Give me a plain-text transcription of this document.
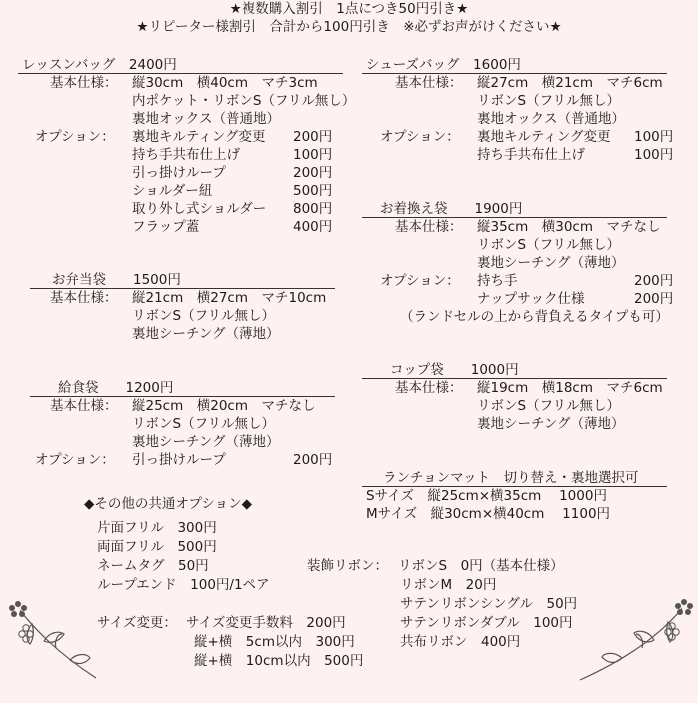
★複数購入割引　1点につき50円引き★
★リピーター様割引　合計から100円引き　※必ずお声がけください★
レッスンバッグ　2400円
基本仕様： 縦30cm　横40cm　マチ3cm
内ポケット・リボンS（フリル無し）
裏地オックス（普通地）
オプション： 裏地キルティング変更 200円
持ち手共布仕上げ	100円
引っ掛けループ	200円
ショルダー紐	500円
取り外し式ショルダー 800円
フラップ蓋	400円
お弁当袋　　1500円
基本仕様： 縦21cm　横27cm　マチ10cm
リボンS（フリル無し）
裏地シーチング（薄地）
給食袋　　1200円
基本仕様： 縦25cm　横20cm　マチなし
リボンS（フリル無し）
裏地シーチング（薄地）
オプション： 引っ掛けループ	200円
シューズバッグ　1600円
基本仕様： 縦27cm　横21cm　マチ6cm
リボンS（フリル無し）
裏地オックス（普通地）
オプション： 裏地キルティング変更 100円
持ち手共布仕上げ	100円
お着換え袋　　1900円
基本仕様： 縦35cm　横30cm　マチなし
リボンS（フリル無し）
裏地シーチング（薄地）
オプション： 持ち手	200円
ナップサック仕様	200円
（ランドセルの上から背負えるタイプも可）
コップ袋　　1000円
基本仕様： 縦19cm　横18cm　マチ6cm
リボンS（フリル無し）
裏地シーチング（薄地）
ランチョンマット　切り替え・裏地選択可
Sサイズ　縦25cm×横35cm　 1000円
Mサイズ　縦30cm×横40cm　 1100円
◆その他の共通オプション◆
片面フリル　300円
両面フリル　500円
ネームタグ　50円
ループエンド　100円/1ペア
サイズ変更： サイズ変更手数料　200円
縦+横　5cm以内　300円
縦+横　10cm以内　500円
装飾リボン： リボンS　0円（基本仕様）
リボンM　20円
サテンリボンシングル　50円
サテンリボンダブル　100円
共布リボン　400円
